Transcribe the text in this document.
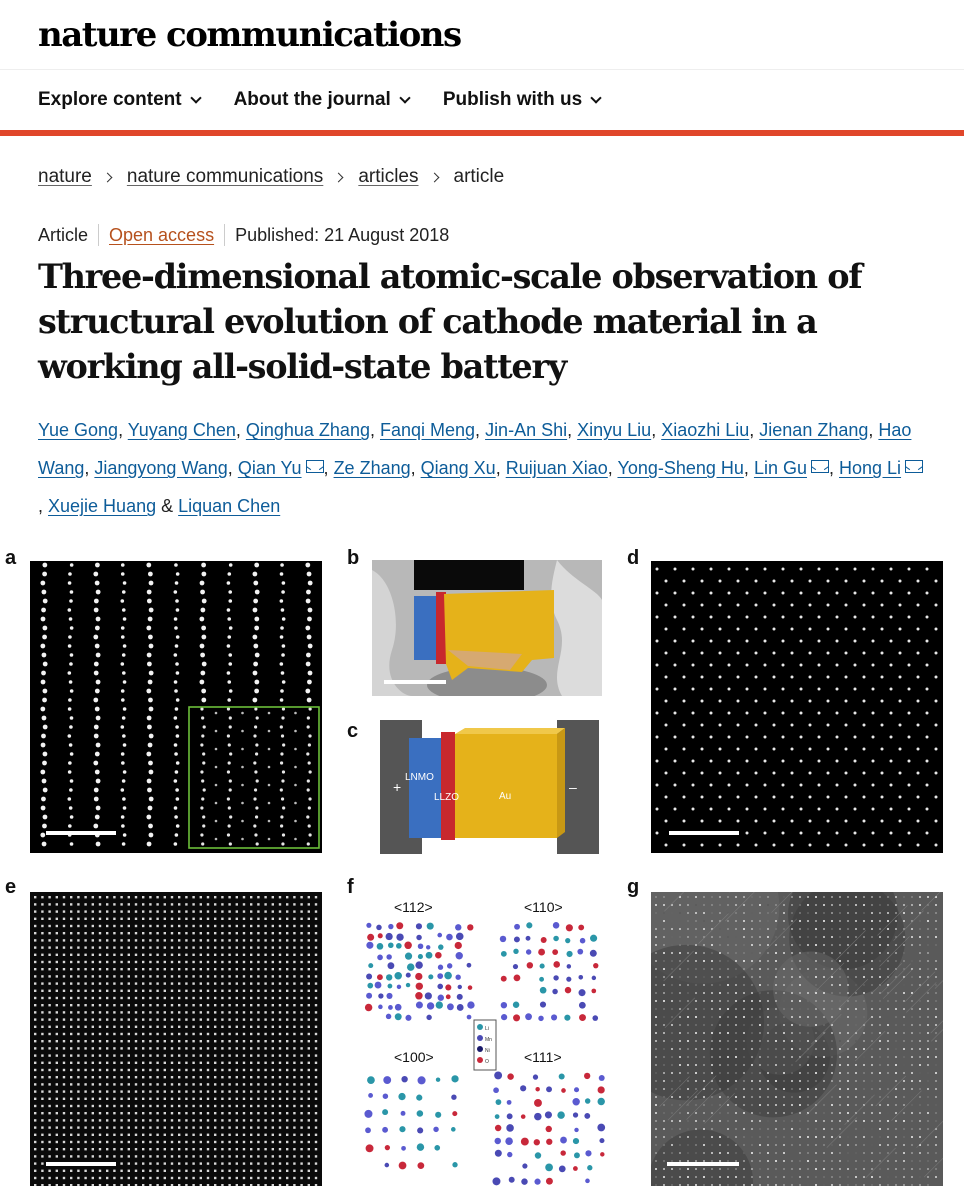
nature communications
Explore content	About the journal	Publish with us
nature nature communications articles article
Article Open access Published: 21 August 2018
Three-dimensional atomic-scale observation of structural evolution of cathode material in a working all-solid-state battery
Yue Gong, Yuyang Chen, Qinghua Zhang, Fanqi Meng, Jin-An Shi, Xinyu Liu, Xiaozhi Liu, Jienan Zhang, Hao Wang, Jiangyong Wang, Qian Yu , Ze Zhang, Qiang Xu, Ruijuan Xiao, Yong-Sheng Hu, Lin Gu , Hong Li, Xuejie Huang & Liquan Chen
a	b
c
d
e	f	g
+	–
LNMO
LLZO	Au
<112>	<110>
<100>	<111>
Li
Mn
Ni
O
